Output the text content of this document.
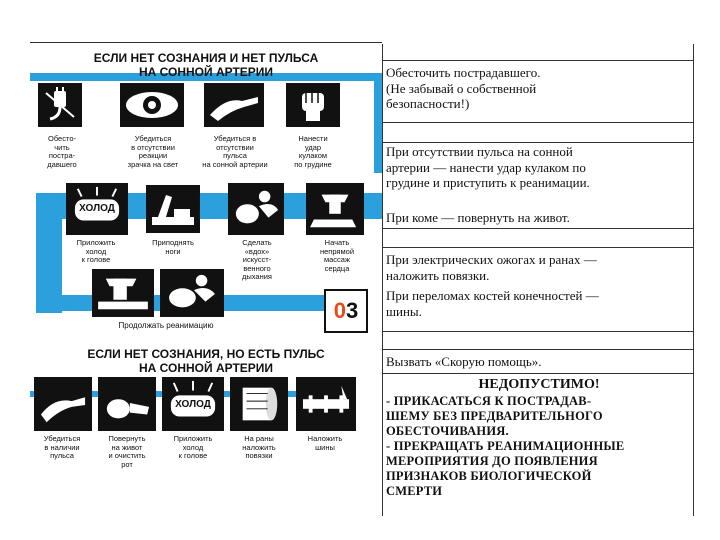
ЕСЛИ НЕТ СОЗНАНИЯ И НЕТ ПУЛЬСА
НА СОННОЙ АРТЕРИИ
Обесто-
чить
постра-
давшего
Убедиться
в отсутствии
реакции
зрачка на свет
Убедиться в
отсутствии
пульса
на сонной артерии
Нанести
удар
кулаком
по грудине
ХОЛОД
Приложить
холод
к голове
Приподнять
ноги
Сделать
«вдох»
искусст-
венного
дыхания
Начать
непрямой
массаж
сердца
Продолжать реанимацию
0 3
ЕСЛИ НЕТ СОЗНАНИЯ, НО ЕСТЬ ПУЛЬС
НА СОННОЙ АРТЕРИИ
ХОЛОД
Убедиться
в наличии
пульса
Повернуть
на живот
и очистить
рот
Приложить
холод
к голове
На раны
наложить
повязки
Наложить
шины
Обесточить пострадавшего.
(Не забывай о собственной
безопасности!)
При отсутствии пульса на сонной
артерии — нанести удар кулаком по
грудине и приступить к реанимации.
При коме — повернуть на живот.
При электрических ожогах и ранах —
наложить повязки.
При переломах костей конечностей —
шины.
Вызвать «Скорую помощь».
НЕДОПУСТИМО!
- ПРИКАСАТЬСЯ К ПОСТРАДАВ-
ШЕМУ БЕЗ ПРЕДВАРИТЕЛЬНОГО
ОБЕСТОЧИВАНИЯ.
- ПРЕКРАЩАТЬ РЕАНИМАЦИОННЫЕ
МЕРОПРИЯТИЯ ДО ПОЯВЛЕНИЯ
ПРИЗНАКОВ БИОЛОГИЧЕСКОЙ
СМЕРТИ
